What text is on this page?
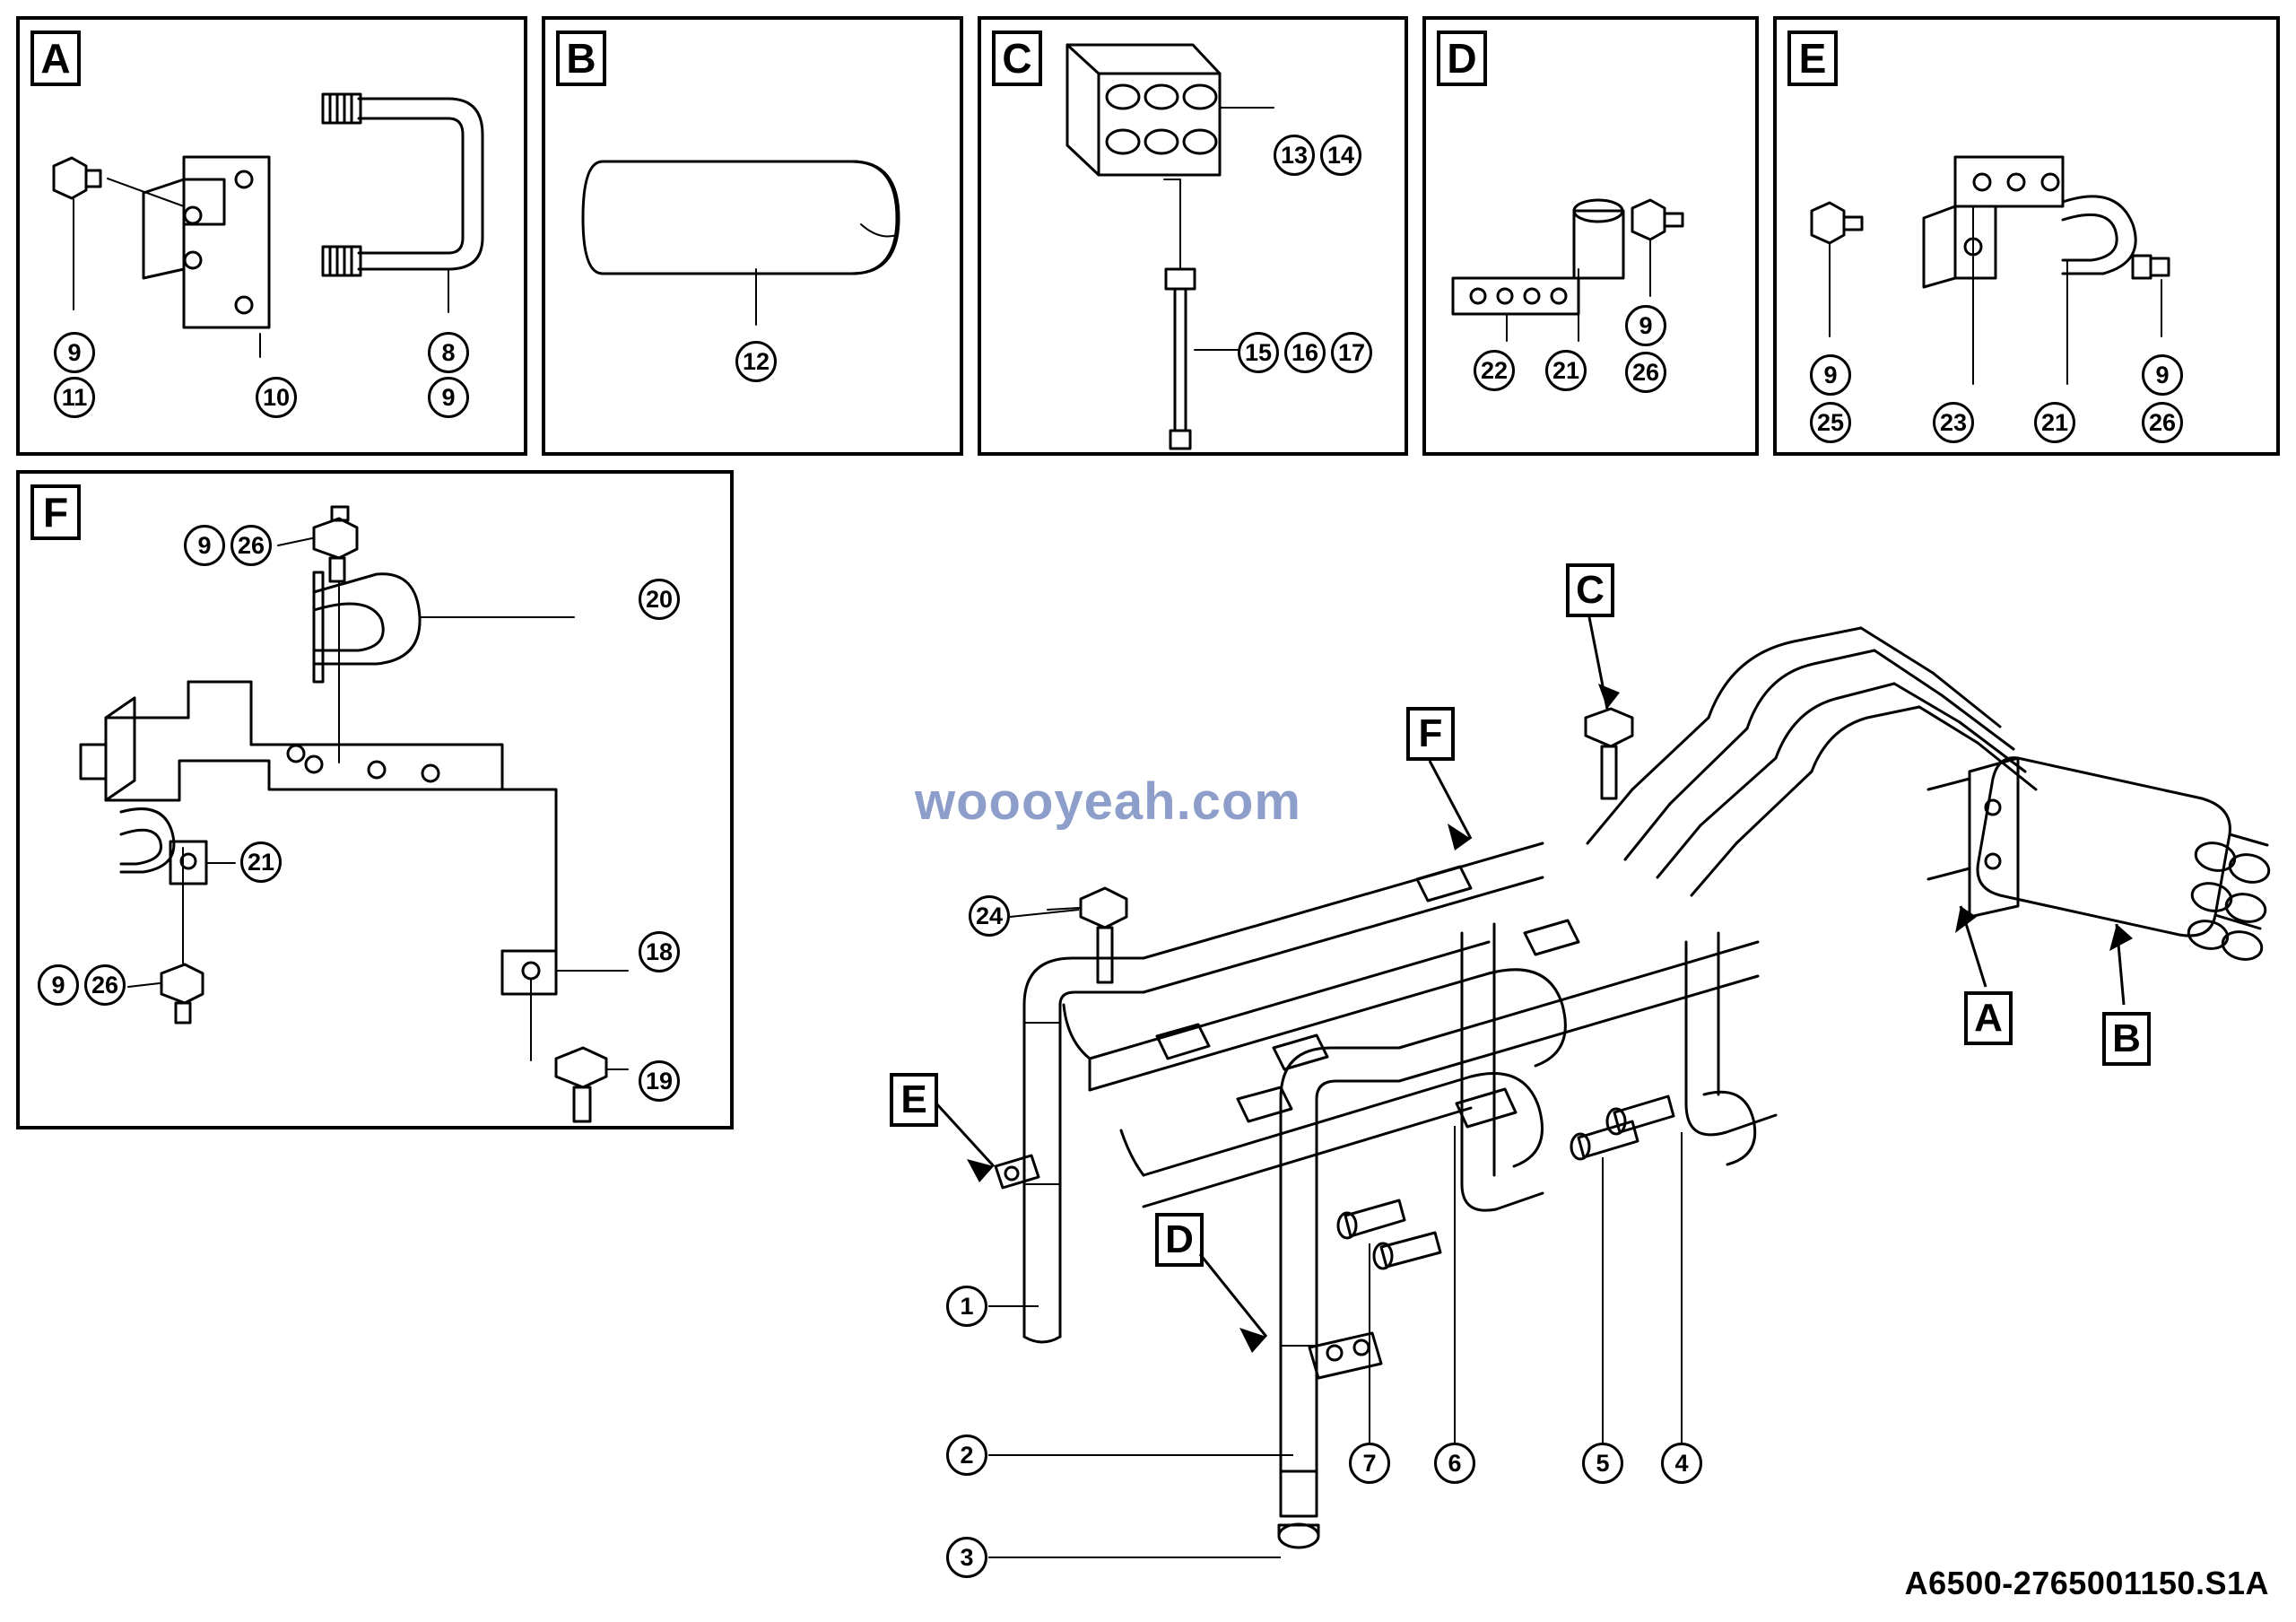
A	B	C	D	E
F
9
11	10
8
9
12
13 14
15 16 17
22 21
9
26	9
25	23	21
9
26
9	26
20
21
9	26
18
19
C
F
A	B
E
D
24
1
2
3
7	6	5	4
woooyeah.com
A6500-2765001150.S1A
